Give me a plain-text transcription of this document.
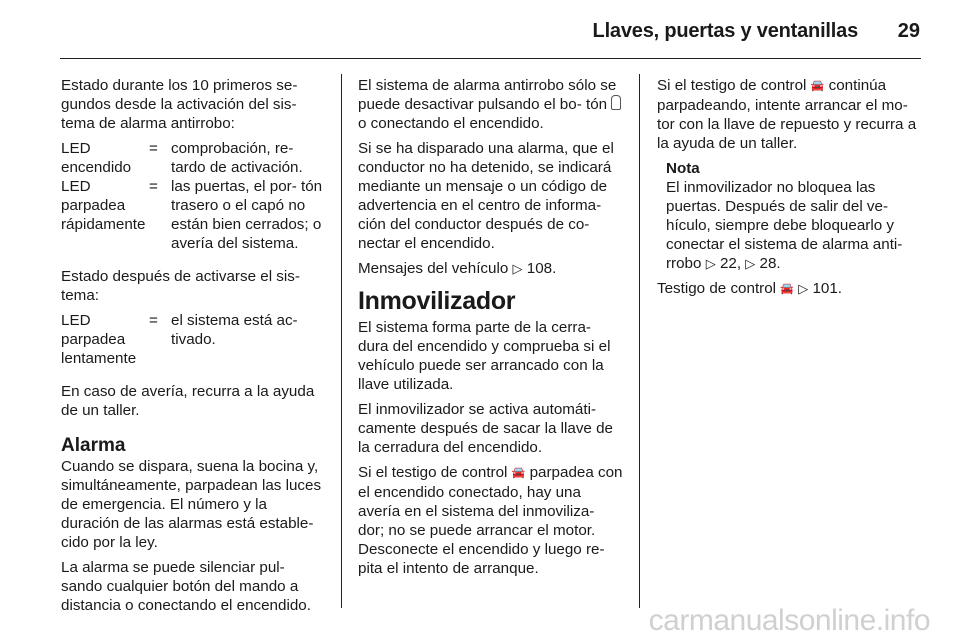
Llaves, puertas y ventanillas 29

Estado durante los 10 primeros se- gundos desde la activación del sis- tema de alarma antirrobo:

LED encendido
= comprobación, re- tardo de activación.
LED parpadea rápidamente
= las puertas, el por- tón trasero o el capó no están bien cerrados; o avería del sistema.

Estado después de activarse el sis- tema:

LED parpadea lentamente
= el sistema está ac- tivado.

En caso de avería, recurra a la ayuda de un taller.

Alarma

Cuando se dispara, suena la bocina y, simultáneamente, parpadean las luces de emergencia. El número y la duración de las alarmas está estable- cido por la ley.

La alarma se puede silenciar pul- sando cualquier botón del mando a distancia o conectando el encendido.

El sistema de alarma antirrobo sólo se puede desactivar pulsando el bo- tón  o conectando el encendido.

Si se ha disparado una alarma, que el conductor no ha detenido, se indicará mediante un mensaje o un código de advertencia en el centro de informa- ción del conductor después de co- nectar el encendido.

Mensajes del vehículo ▷ 108.

Inmovilizador

El sistema forma parte de la cerra- dura del encendido y comprueba si el vehículo puede ser arrancado con la llave utilizada.

El inmovilizador se activa automáti- camente después de sacar la llave de la cerradura del encendido.

Si el testigo de control 🚘 parpadea con el encendido conectado, hay una avería en el sistema del inmoviliza- dor; no se puede arrancar el motor. Desconecte el encendido y luego re- pita el intento de arranque.

Si el testigo de control 🚘 continúa parpadeando, intente arrancar el mo- tor con la llave de repuesto y recurra a la ayuda de un taller.

Nota
El inmovilizador no bloquea las puertas. Después de salir del ve- hículo, siempre debe bloquearlo y conectar el sistema de alarma anti- rrobo ▷ 22, ▷ 28.

Testigo de control 🚘 ▷ 101.

carmanualsonline.info
